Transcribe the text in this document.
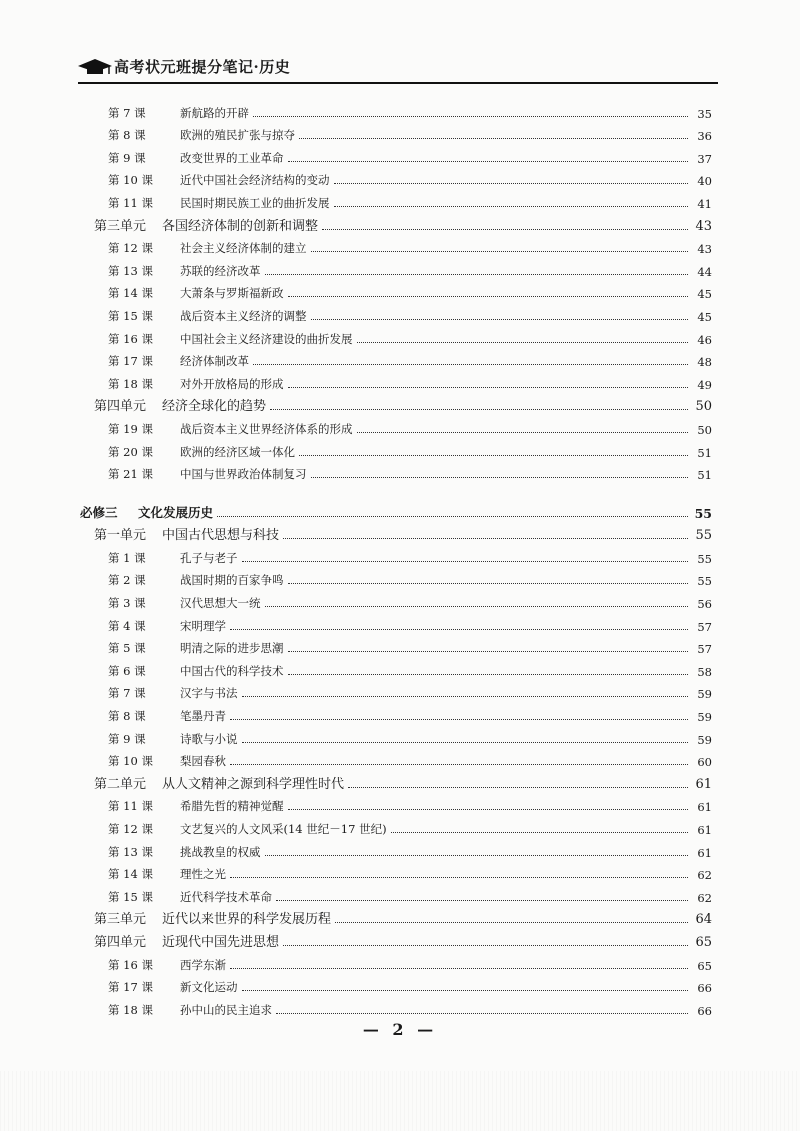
高考状元班提分笔记·历史
第 7 课	新航路的开辟	35
第 8 课	欧洲的殖民扩张与掠夺	36
第 9 课	改变世界的工业革命	37
第 10 课	近代中国社会经济结构的变动	40
第 11 课	民国时期民族工业的曲折发展	41
第三单元	各国经济体制的创新和调整	43
第 12 课	社会主义经济体制的建立	43
第 13 课	苏联的经济改革	44
第 14 课	大萧条与罗斯福新政	45
第 15 课	战后资本主义经济的调整	45
第 16 课	中国社会主义经济建设的曲折发展	46
第 17 课	经济体制改革	48
第 18 课	对外开放格局的形成	49
第四单元	经济全球化的趋势	50
第 19 课	战后资本主义世界经济体系的形成	50
第 20 课	欧洲的经济区域一体化	51
第 21 课	中国与世界政治体制复习	51
必修三	文化发展历史	55
第一单元	中国古代思想与科技	55
第 1 课	孔子与老子	55
第 2 课	战国时期的百家争鸣	55
第 3 课	汉代思想大一统	56
第 4 课	宋明理学	57
第 5 课	明清之际的进步思潮	57
第 6 课	中国古代的科学技术	58
第 7 课	汉字与书法	59
第 8 课	笔墨丹青	59
第 9 课	诗歌与小说	59
第 10 课	梨园春秋	60
第二单元	从人文精神之源到科学理性时代	61
第 11 课	希腊先哲的精神觉醒	61
第 12 课	文艺复兴的人文风采(14 世纪－17 世纪)	61
第 13 课	挑战教皇的权威	61
第 14 课	理性之光	62
第 15 课	近代科学技术革命	62
第三单元	近代以来世界的科学发展历程	64
第四单元	近现代中国先进思想	65
第 16 课	西学东渐	65
第 17 课	新文化运动	66
第 18 课	孙中山的民主追求	66
— 2 —
